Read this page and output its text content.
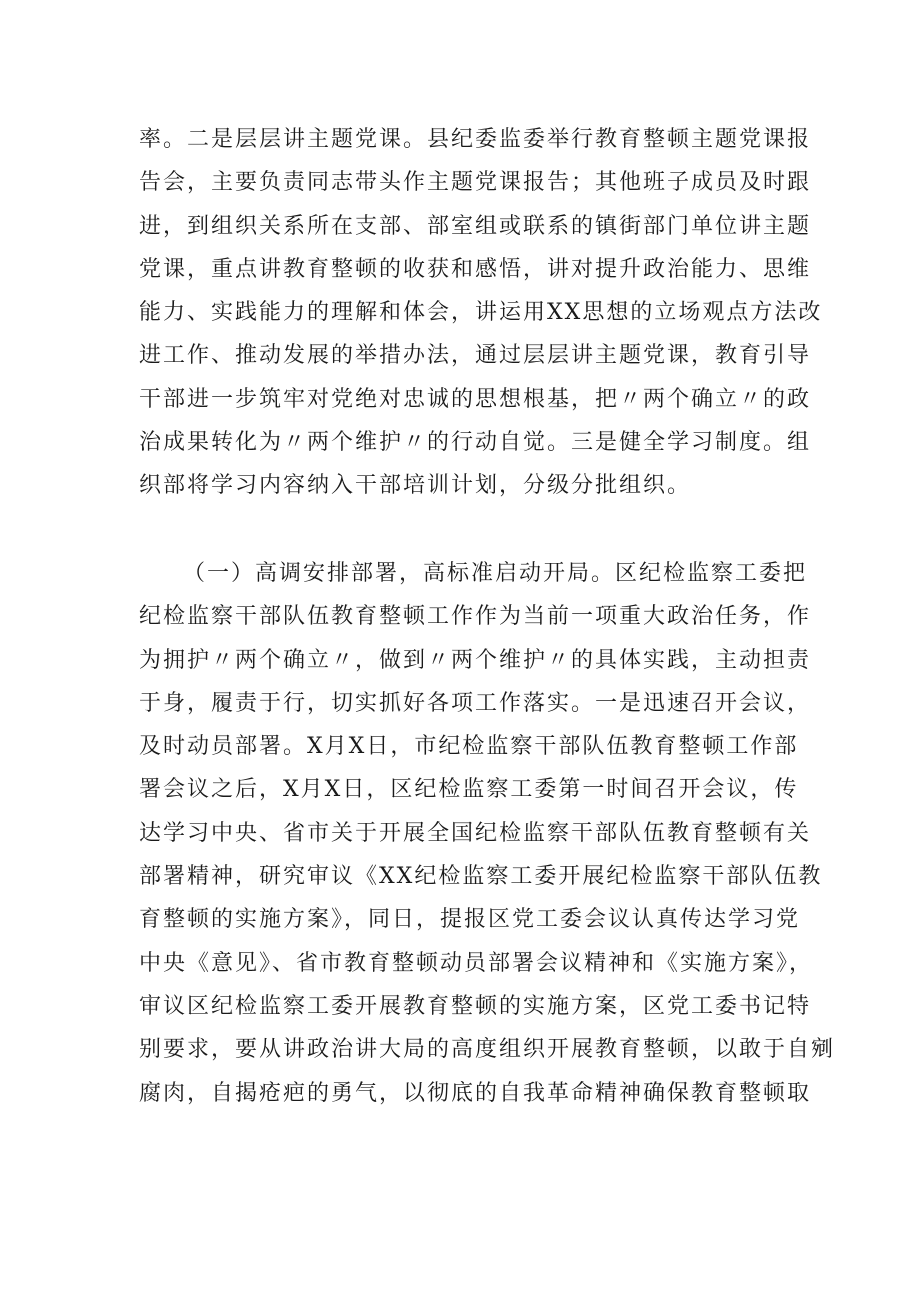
率。二是层层讲主题党课。县纪委监委举行教育整顿主题党课报
告会，主要负责同志带头作主题党课报告；其他班子成员及时跟
进，到组织关系所在支部、部室组或联系的镇街部门单位讲主题
党课，重点讲教育整顿的收获和感悟，讲对提升政治能力、思维
能力、实践能力的理解和体会，讲运用XX思想的立场观点方法改
进工作、推动发展的举措办法，通过层层讲主题党课，教育引导
干部进一步筑牢对党绝对忠诚的思想根基，把〃两个确立〃的政
治成果转化为〃两个维护〃的行动自觉。三是健全学习制度。组
织部将学习内容纳入干部培训计划，分级分批组织。
（一）高调安排部署，高标准启动开局。区纪检监察工委把
纪检监察干部队伍教育整顿工作作为当前一项重大政治任务，作
为拥护〃两个确立〃，做到〃两个维护〃的具体实践，主动担责
于身，履责于行，切实抓好各项工作落实。一是迅速召开会议，
及时动员部署。X月X日，市纪检监察干部队伍教育整顿工作部
署会议之后，X月X日，区纪检监察工委第一时间召开会议，传
达学习中央、省市关于开展全国纪检监察干部队伍教育整顿有关
部署精神，研究审议《XX纪检监察工委开展纪检监察干部队伍教
育整顿的实施方案》，同日，提报区党工委会议认真传达学习党
中央《意见》、省市教育整顿动员部署会议精神和《实施方案》，
审议区纪检监察工委开展教育整顿的实施方案，区党工委书记特
别要求，要从讲政治讲大局的高度组织开展教育整顿，以敢于自剜
腐肉，自揭疮疤的勇气，以彻底的自我革命精神确保教育整顿取
